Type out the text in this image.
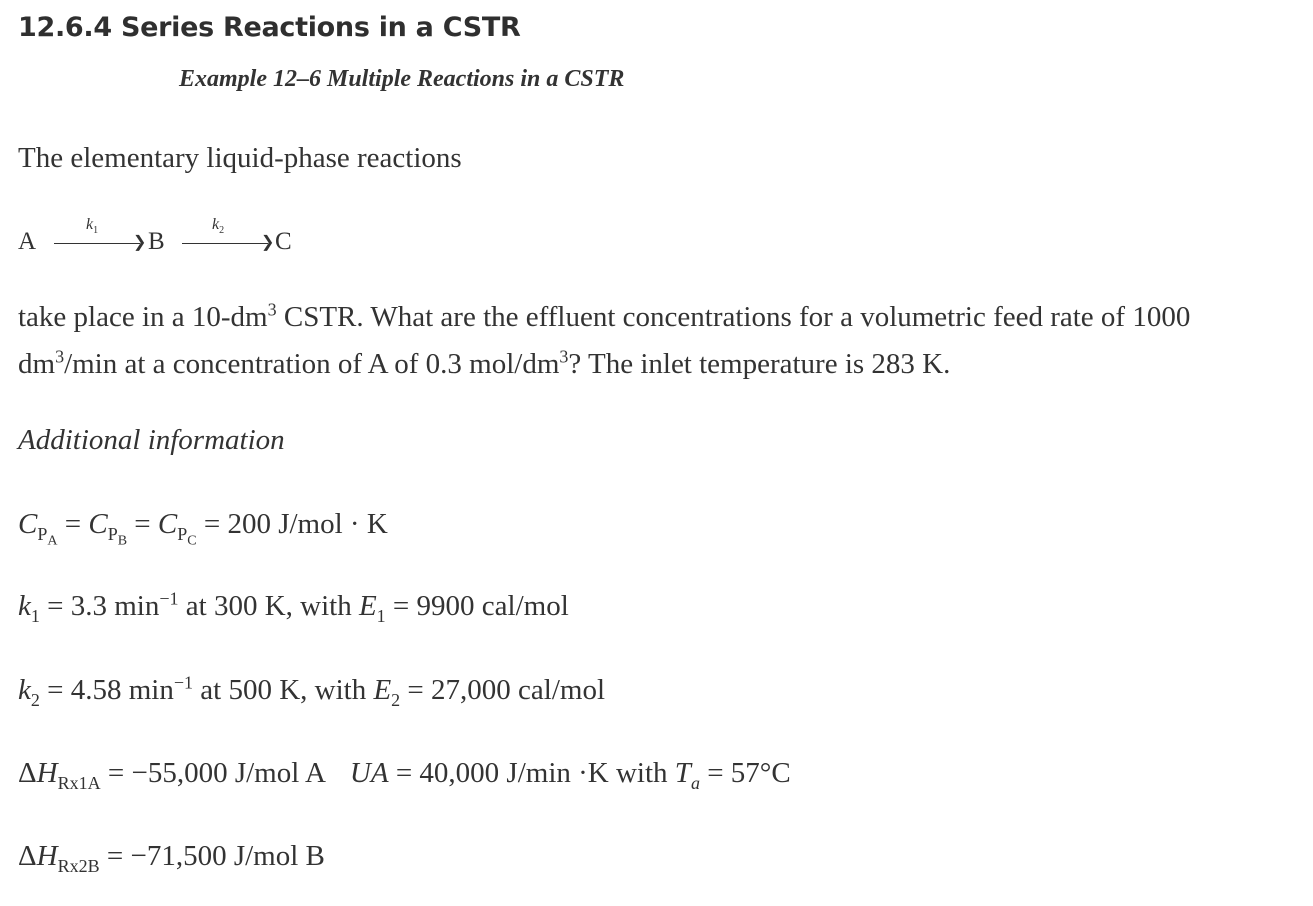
12.6.4 Series Reactions in a CSTR
Example 12–6 Multiple Reactions in a CSTR
The elementary liquid-phase reactions
A
$k_1$
❯ B
$k_2$
❯ C
take place in a $10-dm^3$ CSTR. What are the effluent concentrations for a volumetric feed rate of 1000
$dm^3/\min$ at a concentration of A of 0.3 mol/$dm^3$? The inlet temperature is 283 K.
Additional information
$C_{P_A} = C_{P_B} = C_{P_C} = 200$ J/mol · K
$k_1 = 3.3$ $\min^{-1}$ at 300 K, with $E_1 = 9900$ cal/mol
$k_2 = 4.58$ $\min^{-1}$ at 500 K, with $E_2 = 27,000$ cal/mol
$\Delta H_{Rx1A} = -55,000$ J/mol A UA = 40,000 J/min ·K with $T_a = 57^\circ C$
$\Delta H_{Rx2B} = -71,500$ J/mol B
